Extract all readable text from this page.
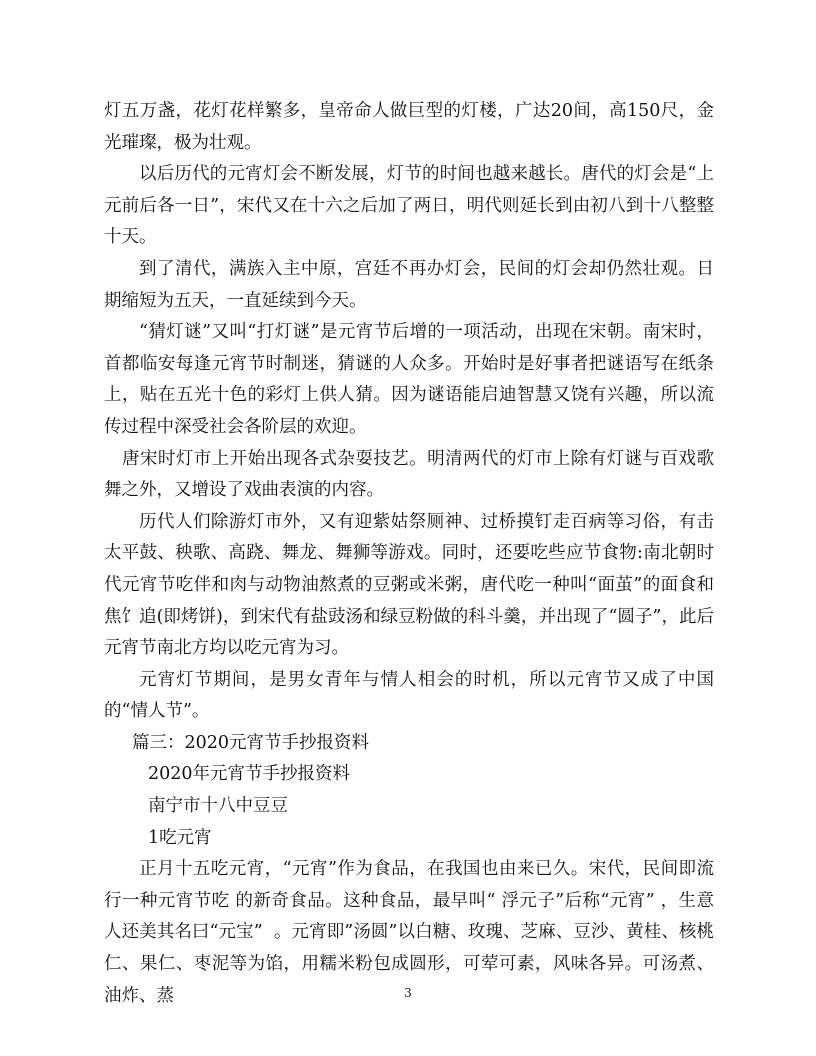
灯五万盏，花灯花样繁多，皇帝命人做巨型的灯楼，广达20间，高150尺，金光璀璨，极为壮观。

以后历代的元宵灯会不断发展，灯节的时间也越来越长。唐代的灯会是“上元前后各一日”，宋代又在十六之后加了两日，明代则延长到由初八到十八整整十天。

到了清代，满族入主中原，宫廷不再办灯会，民间的灯会却仍然壮观。日期缩短为五天，一直延续到今天。

“猜灯谜”又叫“打灯谜”是元宵节后增的一项活动，出现在宋朝。南宋时，首都临安每逢元宵节时制迷，猜谜的人众多。开始时是好事者把谜语写在纸条上，贴在五光十色的彩灯上供人猜。因为谜语能启迪智慧又饶有兴趣，所以流传过程中深受社会各阶层的欢迎。

唐宋时灯市上开始出现各式杂耍技艺。明清两代的灯市上除有灯谜与百戏歌舞之外，又增设了戏曲表演的内容。

历代人们除游灯市外，又有迎紫姑祭厕神、过桥摸钉走百病等习俗，有击太平鼓、秧歌、高跷、舞龙、舞狮等游戏。同时，还要吃些应节食物:南北朝时代元宵节吃伴和肉与动物油熬煮的豆粥或米粥，唐代吃一种叫“面茧”的面食和焦饣追(即烤饼)，到宋代有盐豉汤和绿豆粉做的科斗羹，并出现了“圆子”，此后元宵节南北方均以吃元宵为习。

元宵灯节期间，是男女青年与情人相会的时机，所以元宵节又成了中国的“情人节”。

篇三：2020元宵节手抄报资料

2020年元宵节手抄报资料

南宁市十八中豆豆

1吃元宵

正月十五吃元宵，“元宵”作为食品，在我国也由来已久。宋代，民间即流行一种元宵节吃 的新奇食品。这种食品，最早叫“ 浮元子”后称“元宵” ，生意人还美其名曰“元宝”  。元宵即”汤圆”以白糖、玫瑰、芝麻、豆沙、黄桂、核桃仁、果仁、枣泥等为馅，用糯米粉包成圆形，可荤可素，风味各异。可汤煮、油炸、蒸	3
